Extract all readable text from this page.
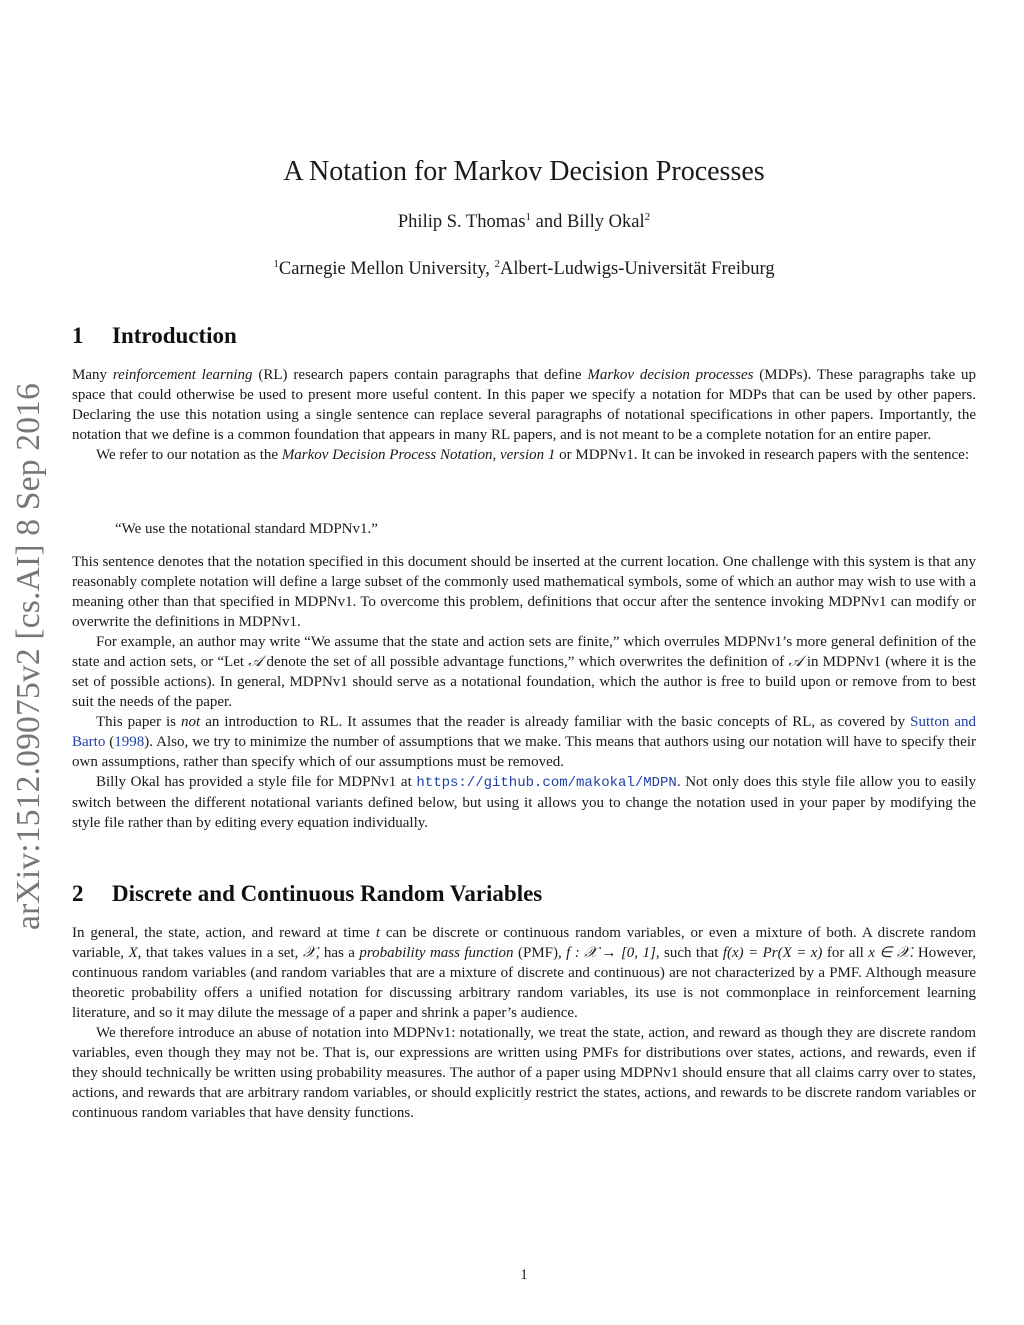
arXiv:1512.09075v2 [cs.AI] 8 Sep 2016
A Notation for Markov Decision Processes
Philip S. Thomas$^1$ and Billy Okal$^2$
$^1$Carnegie Mellon University, $^2$Albert-Ludwigs-Universität Freiburg
1 Introduction

Many reinforcement learning (RL) research papers contain paragraphs that define Markov decision processes (MDPs). These paragraphs take up space that could otherwise be used to present more useful content. In this paper we specify a notation for MDPs that can be used by other papers. Declaring the use this notation using a single sentence can replace several paragraphs of notational specifications in other papers. Importantly, the notation that we define is a common foundation that appears in many RL papers, and is not meant to be a complete notation for an entire paper.

We refer to our notation as the Markov Decision Process Notation, version 1 or MDPNv1. It can be invoked in research papers with the sentence:

“We use the notational standard MDPNv1.”

This sentence denotes that the notation specified in this document should be inserted at the current location. One challenge with this system is that any reasonably complete notation will define a large subset of the commonly used mathematical symbols, some of which an author may wish to use with a meaning other than that specified in MDPNv1. To overcome this problem, definitions that occur after the sentence invoking MDPNv1 can modify or overwrite the definitions in MDPNv1.

For example, an author may write “We assume that the state and action sets are finite,” which overrules MDPNv1’s more general definition of the state and action sets, or “Let 𝒜 denote the set of all possible advantage functions,” which overwrites the definition of 𝒜 in MDPNv1 (where it is the set of possible actions). In general, MDPNv1 should serve as a notational foundation, which the author is free to build upon or remove from to best suit the needs of the paper.

This paper is not an introduction to RL. It assumes that the reader is already familiar with the basic concepts of RL, as covered by Sutton and Barto (1998). Also, we try to minimize the number of assumptions that we make. This means that authors using our notation will have to specify their own assumptions, rather than specify which of our assumptions must be removed.

Billy Okal has provided a style file for MDPNv1 at https://github.com/makokal/MDPN. Not only does this style file allow you to easily switch between the different notational variants defined below, but using it allows you to change the notation used in your paper by modifying the style file rather than by editing every equation individually.

2 Discrete and Continuous Random Variables

In general, the state, action, and reward at time t can be discrete or continuous random variables, or even a mixture of both. A discrete random variable, X, that takes values in a set, 𝒳, has a probability mass function (PMF), f : 𝒳 → [0, 1], such that f(x) = Pr(X = x) for all x ∈ 𝒳. However, continuous random variables (and random variables that are a mixture of discrete and continuous) are not characterized by a PMF. Although measure theoretic probability offers a unified notation for discussing arbitrary random variables, its use is not commonplace in reinforcement learning literature, and so it may dilute the message of a paper and shrink a paper’s audience.

We therefore introduce an abuse of notation into MDPNv1: notationally, we treat the state, action, and reward as though they are discrete random variables, even though they may not be. That is, our expressions are written using PMFs for distributions over states, actions, and rewards, even if they should technically be written using probability measures. The author of a paper using MDPNv1 should ensure that all claims carry over to states, actions, and rewards that are arbitrary random variables, or should explicitly restrict the states, actions, and rewards to be discrete random variables or continuous random variables that have density functions.

1
